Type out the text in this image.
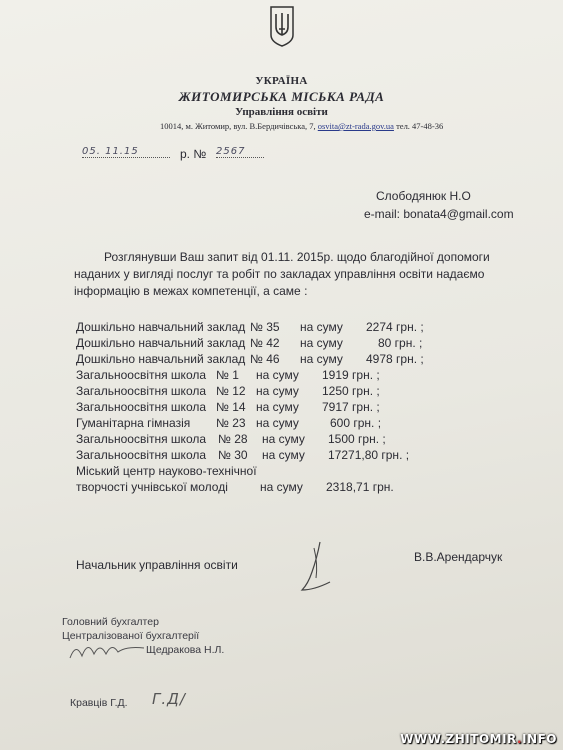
УКРАЇНА
ЖИТОМИРСЬКА МІСЬКА РАДА
Управління освіти
10014, м. Житомир, вул. В.Бердичівська, 7, osvita@zt-rada.gov.ua тел. 47-48-36
05. 11.15	р. № 2567
Слободянюк Н.О
e-mail: bonata4@gmail.com
Розглянувши Ваш запит від 01.11. 2015р. щодо благодійної допомоги
наданих у вигляді послуг та робіт по закладах управління освіти надаємо
інформацію в межах компетенції, а саме :
Дошкільно навчальний заклад № 35 на суму 2274 грн. ;
Дошкільно навчальний заклад № 42 на суму	80 грн. ;
Дошкільно навчальний заклад № 46 на суму 4978 грн. ;
Загальноосвітня школа № 1 на суму 1919 грн. ;
Загальноосвітня школа № 12 на суму 1250 грн. ;
Загальноосвітня школа № 14 на суму 7917 грн. ;
Гуманітарна гімназія № 23 на суму	600 грн. ;
Загальноосвітня школа № 28 на суму 1500 грн. ;
Загальноосвітня школа № 30 на суму 17271,80 грн. ;
Міський центр науково-технічної
творчості учнівської молоді	на суму 2318,71 грн.
Начальник управління освіти
В.В.Арендарчук
Головний бухгалтер
Централізованої бухгалтерії
Щедракова Н.Л.
Кравців Г.Д. Г.Д/
WWW.ZHITOMIR.INFO
